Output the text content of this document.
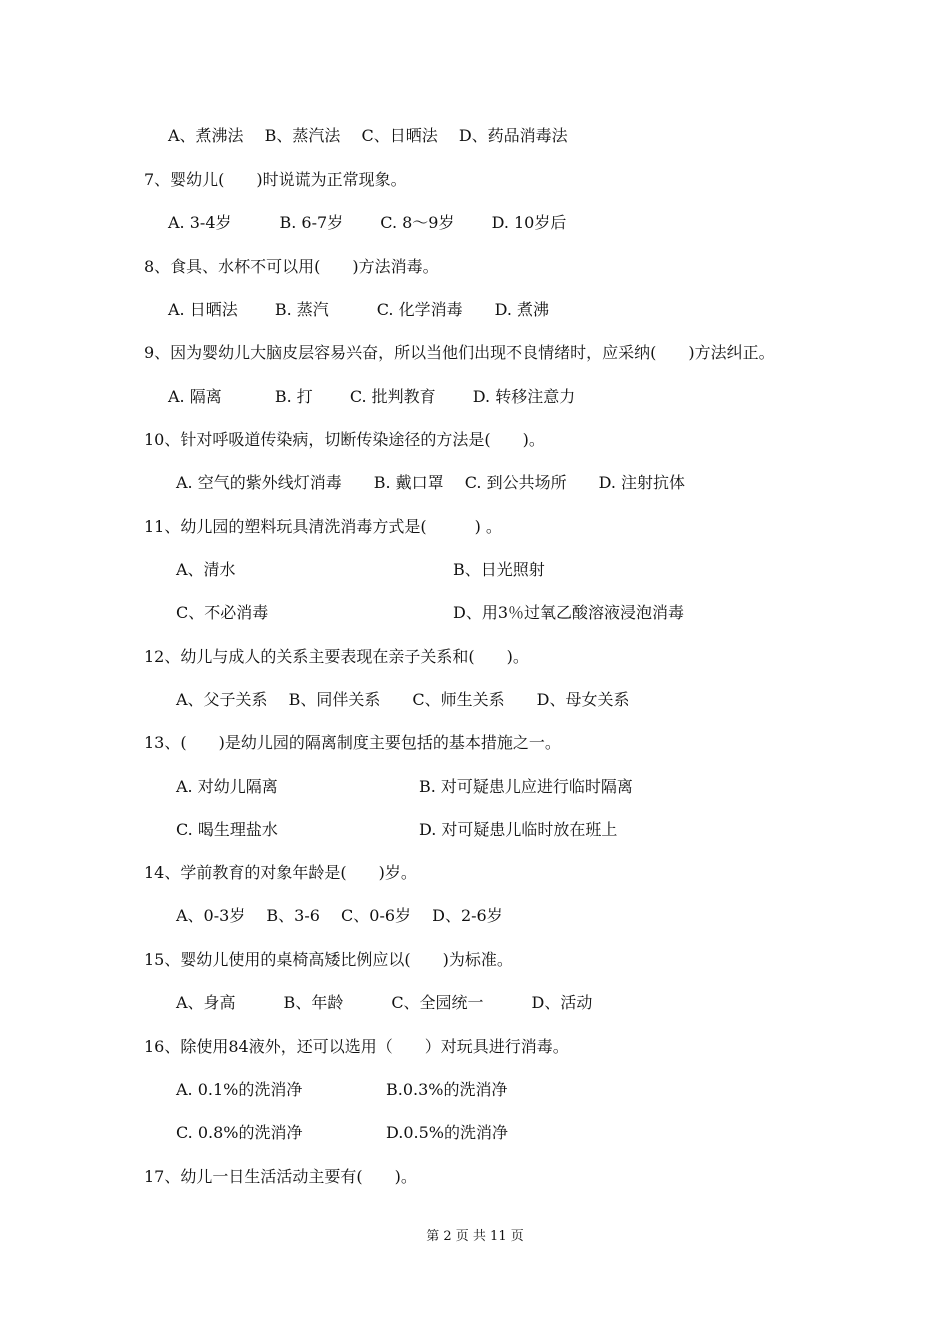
A、煮沸法　 B、蒸汽法　 C、日晒法　 D、药品消毒法
7、婴幼儿(　　)时说谎为正常现象。
A. 3-4岁　　　B. 6-7岁　　 C. 8～9岁　　 D. 10岁后
8、食具、水杯不可以用(　　)方法消毒。
A. 日晒法　　 B. 蒸汽　　　C. 化学消毒　　D. 煮沸
9、因为婴幼儿大脑皮层容易兴奋，所以当他们出现不良情绪时，应采纳(　　)方法纠正。
A. 隔离　　　 B. 打　　 C. 批判教育　　 D. 转移注意力
10、针对呼吸道传染病，切断传染途径的方法是(　　)。
A. 空气的紫外线灯消毒　　B. 戴口罩　 C. 到公共场所　　D. 注射抗体
11、幼儿园的塑料玩具清洗消毒方式是(　　　) 。
A、清水	B、日光照射
C、不必消毒	D、用3％过氧乙酸溶液浸泡消毒
12、幼儿与成人的关系主要表现在亲子关系和(　　)。
A、父子关系　 B、同伴关系　　C、师生关系　　D、母女关系
13、(　　)是幼儿园的隔离制度主要包括的基本措施之一。
A. 对幼儿隔离	B. 对可疑患儿应进行临时隔离
C. 喝生理盐水	D. 对可疑患儿临时放在班上
14、学前教育的对象年龄是(　　)岁。
A、0-3岁　 B、3-6　 C、0-6岁　 D、2-6岁
15、婴幼儿使用的桌椅高矮比例应以(　　)为标准。
A、身高　　　B、年龄　　　C、全园统一　　　D、活动
16、除使用84液外，还可以选用（　　）对玩具进行消毒。
A. 0.1%的洗消净	B.0.3%的洗消净
C. 0.8%的洗消净	D.0.5%的洗消净
17、幼儿一日生活活动主要有(　　)。
第 2 页 共 11 页
